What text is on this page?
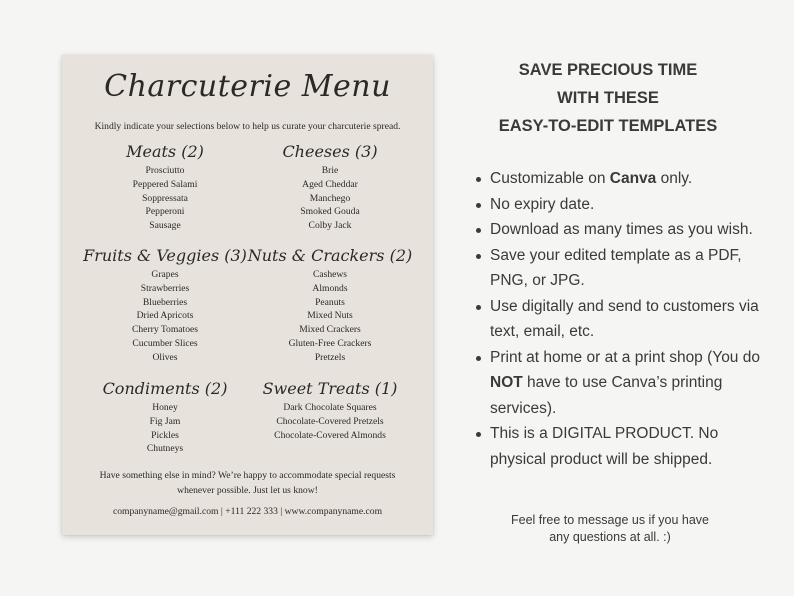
Charcuterie Menu
Kindly indicate your selections below to help us curate your charcuterie spread.
Meats (2)
Prosciutto
Peppered Salami
Soppressata
Pepperoni
Sausage
Cheeses (3)
Brie
Aged Cheddar
Manchego
Smoked Gouda
Colby Jack
Fruits & Veggies (3)
Grapes
Strawberries
Blueberries
Dried Apricots
Cherry Tomatoes
Cucumber Slices
Olives
Nuts & Crackers (2)
Cashews
Almonds
Peanuts
Mixed Nuts
Mixed Crackers
Gluten-Free Crackers
Pretzels
Condiments (2)
Honey
Fig Jam
Pickles
Chutneys
Sweet Treats (1)
Dark Chocolate Squares
Chocolate-Covered Pretzels
Chocolate-Covered Almonds
Have something else in mind? We’re happy to accommodate special requests
whenever possible. Just let us know!
companyname@gmail.com | +111 222 333 | www.companyname.com
SAVE PRECIOUS TIME
WITH THESE
EASY-TO-EDIT TEMPLATES
Customizable on Canva only.
No expiry date.
Download as many times as you wish.
Save your edited template as a PDF, PNG, or JPG.
Use digitally and send to customers via text, email, etc.
Print at home or at a print shop (You do NOT have to use Canva’s printing services).
This is a DIGITAL PRODUCT. No physical product will be shipped.
Feel free to message us if you have
any questions at all. :)
